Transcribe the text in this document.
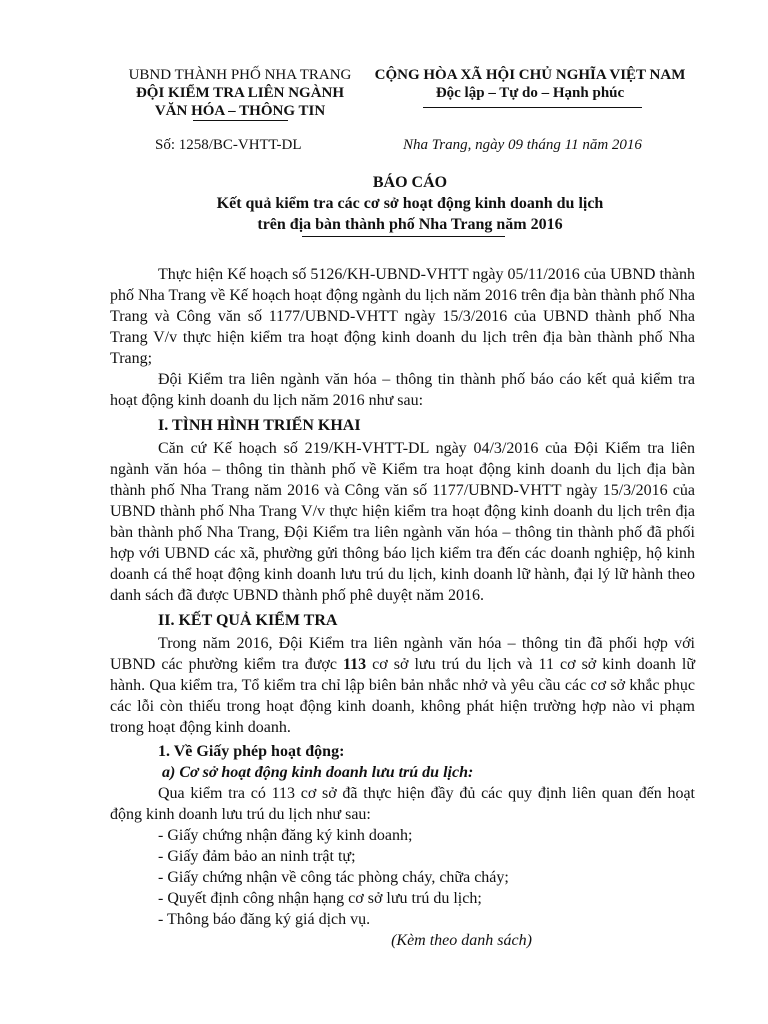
UBND THÀNH PHỐ NHA TRANG
ĐỘI KIỂM TRA LIÊN NGÀNH
VĂN HÓA – THÔNG TIN
CỘNG HÒA XÃ HỘI CHỦ NGHĨA VIỆT NAM
Độc lập – Tự do – Hạnh phúc
Số: 1258/BC-VHTT-DL	Nha Trang, ngày 09 tháng 11 năm 2016
BÁO CÁO
Kết quả kiểm tra các cơ sở hoạt động kinh doanh du lịch
trên địa bàn thành phố Nha Trang năm 2016

Thực hiện Kế hoạch số 5126/KH-UBND-VHTT ngày 05/11/2016 của UBND thành phố Nha Trang về Kế hoạch hoạt động ngành du lịch năm 2016 trên địa bàn thành phố Nha Trang và Công văn số 1177/UBND-VHTT ngày 15/3/2016 của UBND thành phố Nha Trang V/v thực hiện kiểm tra hoạt động kinh doanh du lịch trên địa bàn thành phố Nha Trang;

Đội Kiểm tra liên ngành văn hóa – thông tin thành phố báo cáo kết quả kiểm tra hoạt động kinh doanh du lịch năm 2016 như sau:

I. TÌNH HÌNH TRIỂN KHAI

Căn cứ Kế hoạch số 219/KH-VHTT-DL ngày 04/3/2016 của Đội Kiểm tra liên ngành văn hóa – thông tin thành phố về Kiểm tra hoạt động kinh doanh du lịch địa bàn thành phố Nha Trang năm 2016 và Công văn số 1177/UBND-VHTT ngày 15/3/2016 của UBND thành phố Nha Trang V/v thực hiện kiểm tra hoạt động kinh doanh du lịch trên địa bàn thành phố Nha Trang, Đội Kiểm tra liên ngành văn hóa – thông tin thành phố đã phối hợp với UBND các xã, phường gửi thông báo lịch kiểm tra đến các doanh nghiệp, hộ kinh doanh cá thể hoạt động kinh doanh lưu trú du lịch, kinh doanh lữ hành, đại lý lữ hành theo danh sách đã được UBND thành phố phê duyệt năm 2016.

II. KẾT QUẢ KIỂM TRA

Trong năm 2016, Đội Kiểm tra liên ngành văn hóa – thông tin đã phối hợp với UBND các phường kiểm tra được 113 cơ sở lưu trú du lịch và 11 cơ sở kinh doanh lữ hành. Qua kiểm tra, Tổ kiểm tra chỉ lập biên bản nhắc nhở và yêu cầu các cơ sở khắc phục các lỗi còn thiếu trong hoạt động kinh doanh, không phát hiện trường hợp nào vi phạm trong hoạt động kinh doanh.

1. Về Giấy phép hoạt động:
a) Cơ sở hoạt động kinh doanh lưu trú du lịch:

Qua kiểm tra có 113 cơ sở đã thực hiện đầy đủ các quy định liên quan đến hoạt động kinh doanh lưu trú du lịch như sau:

- Giấy chứng nhận đăng ký kinh doanh;
- Giấy đảm bảo an ninh trật tự;
- Giấy chứng nhận về công tác phòng cháy, chữa cháy;
- Quyết định công nhận hạng cơ sở lưu trú du lịch;
- Thông báo đăng ký giá dịch vụ.

(Kèm theo danh sách)
